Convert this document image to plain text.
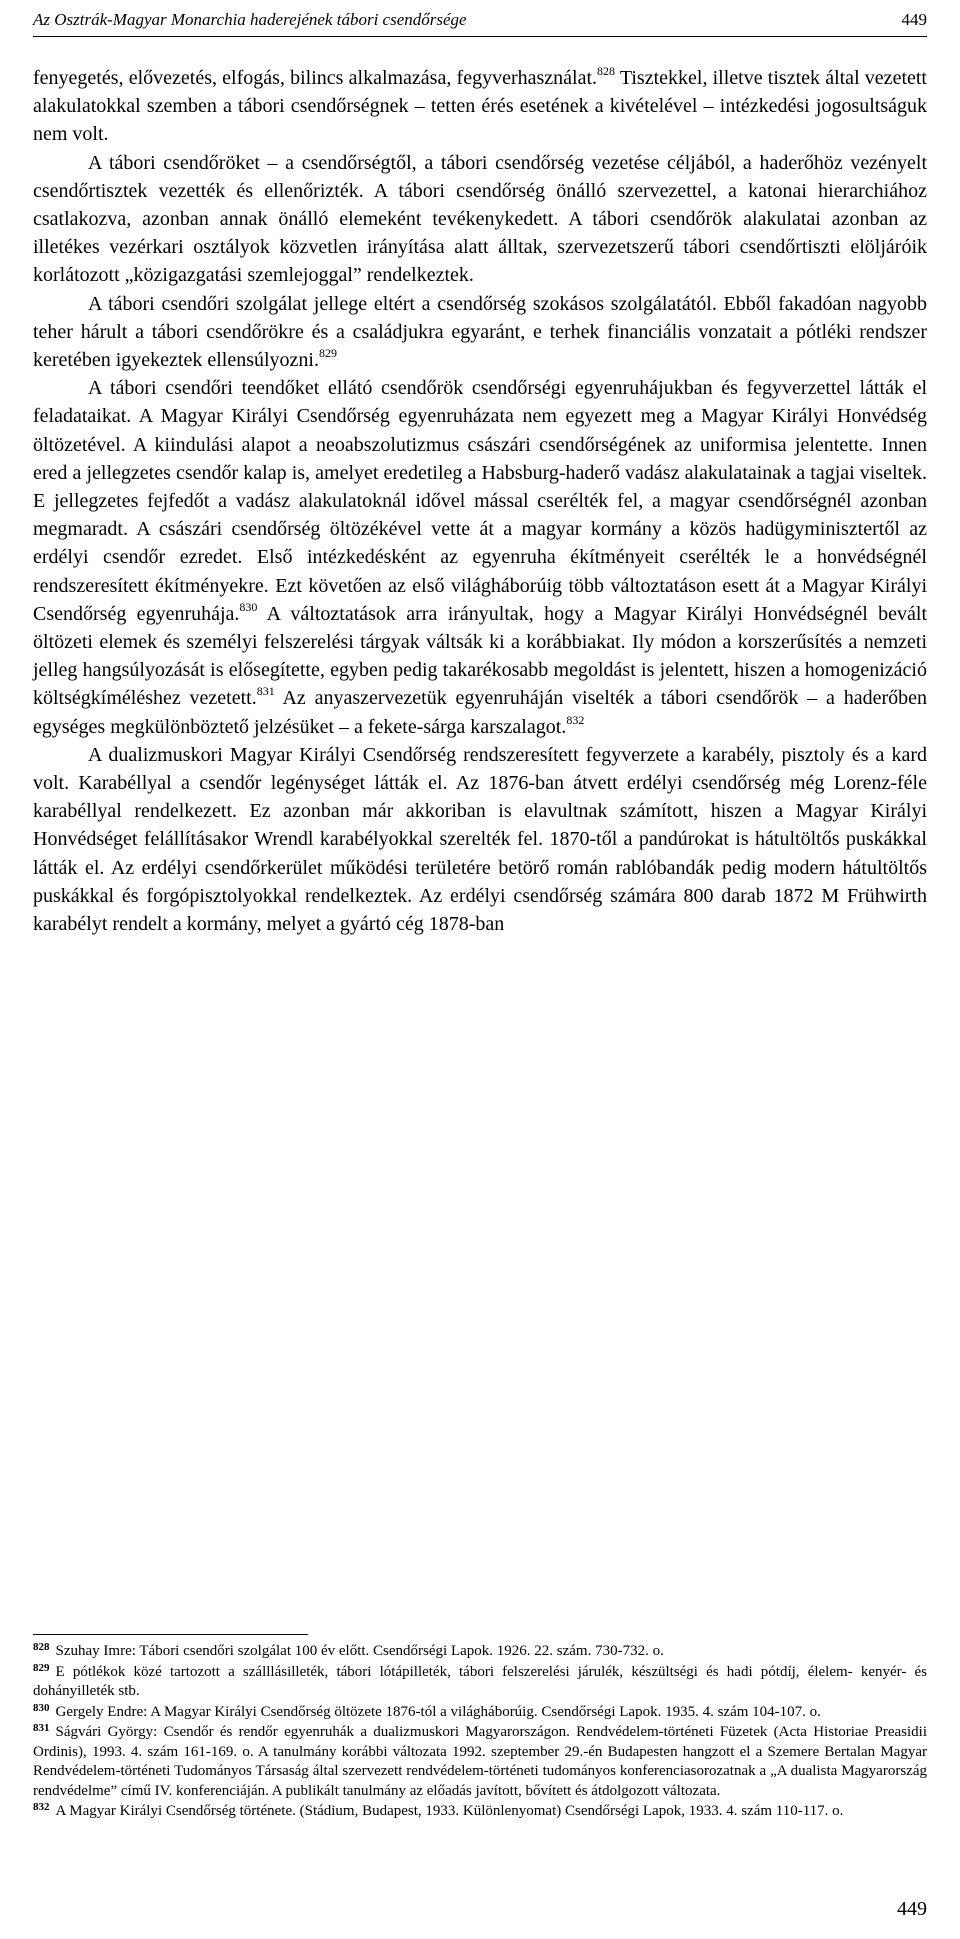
Az Osztrák-Magyar Monarchia haderejének tábori csendőrsége	449

fenyegetés, elővezetés, elfogás, bilincs alkalmazása, fegyverhasználat.$^{828}$ Tisztekkel, illetve tisztek által vezetett alakulatokkal szemben a tábori csendőrségnek – tetten érés esetének a kivételével – intézkedési jogosultságuk nem volt.

A tábori csendőröket – a csendőrségtől, a tábori csendőrség vezetése céljából, a haderőhöz vezényelt csendőrtisztek vezették és ellenőrizték. A tábori csendőrség önálló szervezettel, a katonai hierarchiához csatlakozva, azonban annak önálló elemeként tevékenykedett. A tábori csendőrök alakulatai azonban az illetékes vezérkari osztályok közvetlen irányítása alatt álltak, szervezetszerű tábori csendőrtiszti elöljáróik korlátozott „közigazgatási szemlejoggal” rendelkeztek.

A tábori csendőri szolgálat jellege eltért a csendőrség szokásos szolgálatától. Ebből fakadóan nagyobb teher hárult a tábori csendőrökre és a családjukra egyaránt, e terhek financiális vonzatait a pótléki rendszer keretében igyekeztek ellensúlyozni.$^{829}$

A tábori csendőri teendőket ellátó csendőrök csendőrségi egyenruhájukban és fegyverzettel látták el feladataikat. A Magyar Királyi Csendőrség egyenruházata nem egyezett meg a Magyar Királyi Honvédség öltözetével. A kiindulási alapot a neoabszolutizmus császári csendőrségének az uniformisa jelentette. Innen ered a jellegzetes csendőr kalap is, amelyet eredetileg a Habsburg-haderő vadász alakulatainak a tagjai viseltek. E jellegzetes fejfedőt a vadász alakulatoknál idővel mással cserélték fel, a magyar csendőrségnél azonban megmaradt. A császári csendőrség öltözékével vette át a magyar kormány a közös hadügyminisztertől az erdélyi csendőr ezredet. Első intézkedésként az egyenruha ékítményeit cserélték le a honvédségnél rendszeresített ékítményekre. Ezt követően az első világháborúig több változtatáson esett át a Magyar Királyi Csendőrség egyenruhája.$^{830}$ A változtatások arra irányultak, hogy a Magyar Királyi Honvédségnél bevált öltözeti elemek és személyi felszerelési tárgyak váltsák ki a korábbiakat. Ily módon a korszerűsítés a nemzeti jelleg hangsúlyozását is elősegítette, egyben pedig takarékosabb megoldást is jelentett, hiszen a homogenizáció költségkíméléshez vezetett.$^{831}$ Az anyaszervezetük egyenruháján viselték a tábori csendőrök – a haderőben egységes megkülönböztető jelzésüket – a fekete-sárga karszalagot.$^{832}$

A dualizmuskori Magyar Királyi Csendőrség rendszeresített fegyverzete a karabély, pisztoly és a kard volt. Karabéllyal a csendőr legénységet látták el. Az 1876-ban átvett erdélyi csendőrség még Lorenz-féle karabéllyal rendelkezett. Ez azonban már akkoriban is elavultnak számított, hiszen a Magyar Királyi Honvédséget felállításakor Wrendl karabélyokkal szerelték fel. 1870-től a pandúrokat is hátultöltős puskákkal látták el. Az erdélyi csendőrkerület működési területére betörő román rablóbandák pedig modern hátultöltős puskákkal és forgópisztolyokkal rendelkeztek. Az erdélyi csendőrség számára 800 darab 1872 M Frühwirth karabélyt rendelt a kormány, melyet a gyártó cég 1878-ban

$^{828}$ Szuhay Imre: Tábori csendőri szolgálat 100 év előtt. Csendőrségi Lapok. 1926. 22. szám. 730-732. o.

$^{829}$ E pótlékok közé tartozott a szálllásilleték, tábori lótápilleték, tábori felszerelési járulék, készültségi és hadi pótdíj, élelem- kenyér- és dohányilleték stb.

$^{830}$ Gergely Endre: A Magyar Királyi Csendőrség öltözete 1876-tól a világháborúig. Csendőrségi Lapok. 1935. 4. szám 104-107. o.

$^{831}$ Ságvári György: Csendőr és rendőr egyenruhák a dualizmuskori Magyarországon. Rendvédelem-történeti Füzetek (Acta Historiae Preasidii Ordinis), 1993. 4. szám 161-169. o. A tanulmány korábbi változata 1992. szeptember 29.-én Budapesten hangzott el a Szemere Bertalan Magyar Rendvédelem-történeti Tudományos Társaság által szervezett rendvédelem-történeti tudományos konferenciasorozatnak a „A dualista Magyarország rendvédelme” című IV. konferenciáján. A publikált tanulmány az előadás javított, bővített és átdolgozott változata.

$^{832}$ A Magyar Királyi Csendőrség története. (Stádium, Budapest, 1933. Különlenyomat) Csendőrségi Lapok, 1933. 4. szám 110-117. o.

449
